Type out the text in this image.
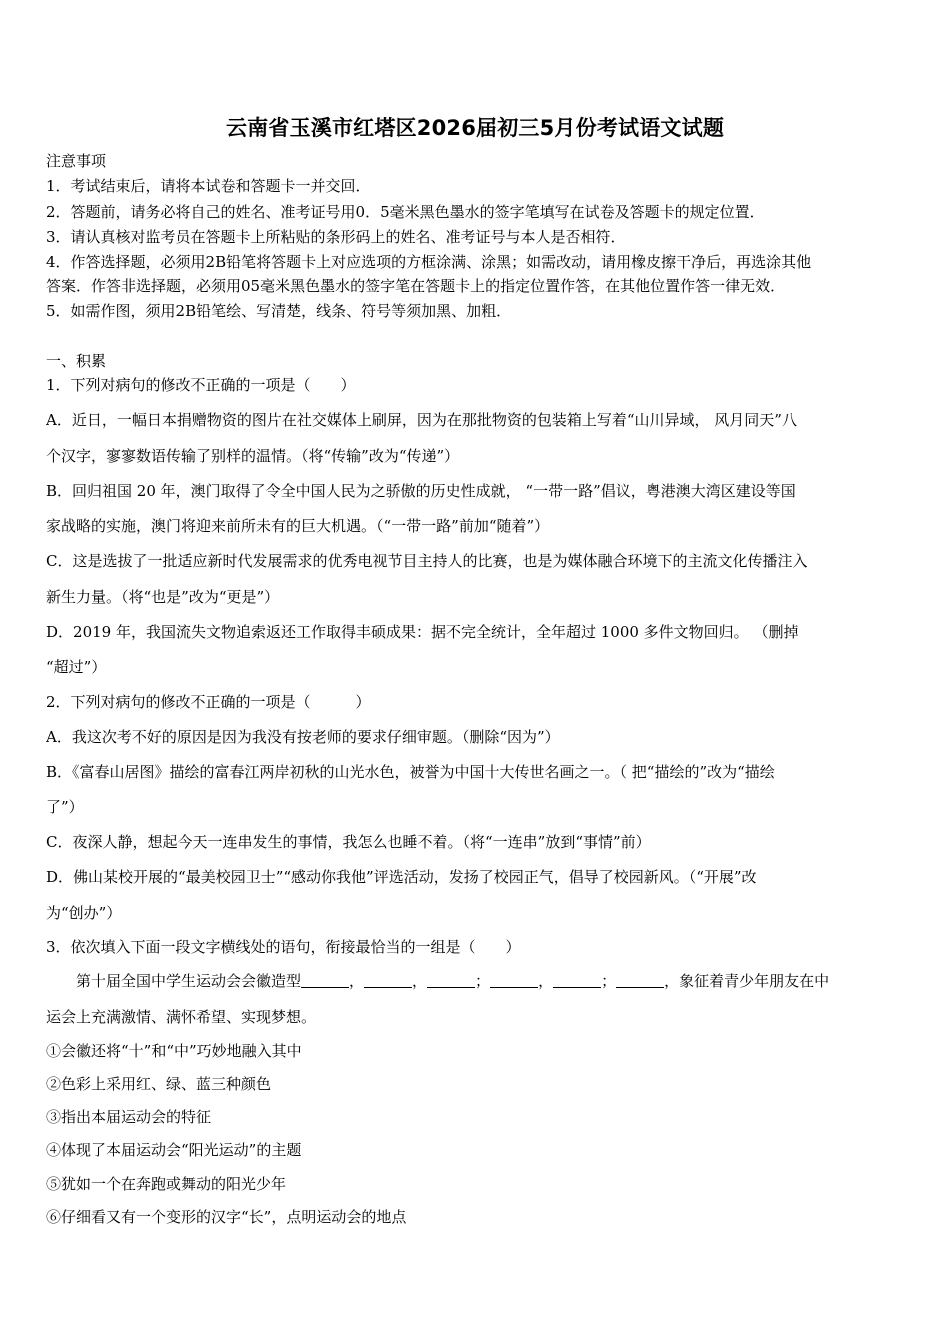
云南省玉溪市红塔区2026届初三5月份考试语文试题
注意事项
1．考试结束后，请将本试卷和答题卡一并交回．
2．答题前，请务必将自己的姓名、准考证号用0．5毫米黑色墨水的签字笔填写在试卷及答题卡的规定位置．
3．请认真核对监考员在答题卡上所粘贴的条形码上的姓名、准考证号与本人是否相符．
4．作答选择题，必须用2B铅笔将答题卡上对应选项的方框涂满、涂黑；如需改动，请用橡皮擦干净后，再选涂其他
答案．作答非选择题，必须用05毫米黑色墨水的签字笔在答题卡上的指定位置作答，在其他位置作答一律无效．
5．如需作图，须用2B铅笔绘、写清楚，线条、符号等须加黑、加粗．
一、积累
1．下列对病句的修改不正确的一项是（　　）
A．近日，一幅日本捐赠物资的图片在社交媒体上刷屏，因为在那批物资的包装箱上写着“山川异域， 风月同天”八
个汉字，寥寥数语传输了别样的温情。（将“传输”改为“传递”）
B．回归祖国 20 年，澳门取得了令全中国人民为之骄傲的历史性成就， “一带一路”倡议，粤港澳大湾区建设等国
家战略的实施，澳门将迎来前所未有的巨大机遇。（“一带一路”前加“随着”）
C．这是选拔了一批适应新时代发展需求的优秀电视节目主持人的比赛，也是为媒体融合环境下的主流文化传播注入
新生力量。（将“也是”改为“更是”）
D．2019 年，我国流失文物追索返还工作取得丰硕成果：据不完全统计，全年超过 1000 多件文物回归。 （删掉
“超过”）
2．下列对病句的修改不正确的一项是（　　　）
A．我这次考不好的原因是因为我没有按老师的要求仔细审题。（删除“因为”）
B．《富春山居图》描绘的富春江两岸初秋的山光水色，被誉为中国十大传世名画之一。（ 把“描绘的”改为“描绘
了”）
C．夜深人静，想起今天一连串发生的事情，我怎么也睡不着。（将“一连串”放到“事情”前）
D．佛山某校开展的“最美校园卫士”“感动你我他”评选活动，发扬了校园正气，倡导了校园新风。（“开展”改
为“创办”）
3．依次填入下面一段文字横线处的语句，衔接最恰当的一组是（　　）
第十届全国中学生运动会会徽造型	，	，	；	，	；	，象征着青少年朋友在中
运会上充满激情、满怀希望、实现梦想。
①会徽还将“十”和“中”巧妙地融入其中
②色彩上采用红、绿、蓝三种颜色
③指出本届运动会的特征
④体现了本届运动会“阳光运动”的主题
⑤犹如一个在奔跑或舞动的阳光少年
⑥仔细看又有一个变形的汉字“长”，点明运动会的地点
